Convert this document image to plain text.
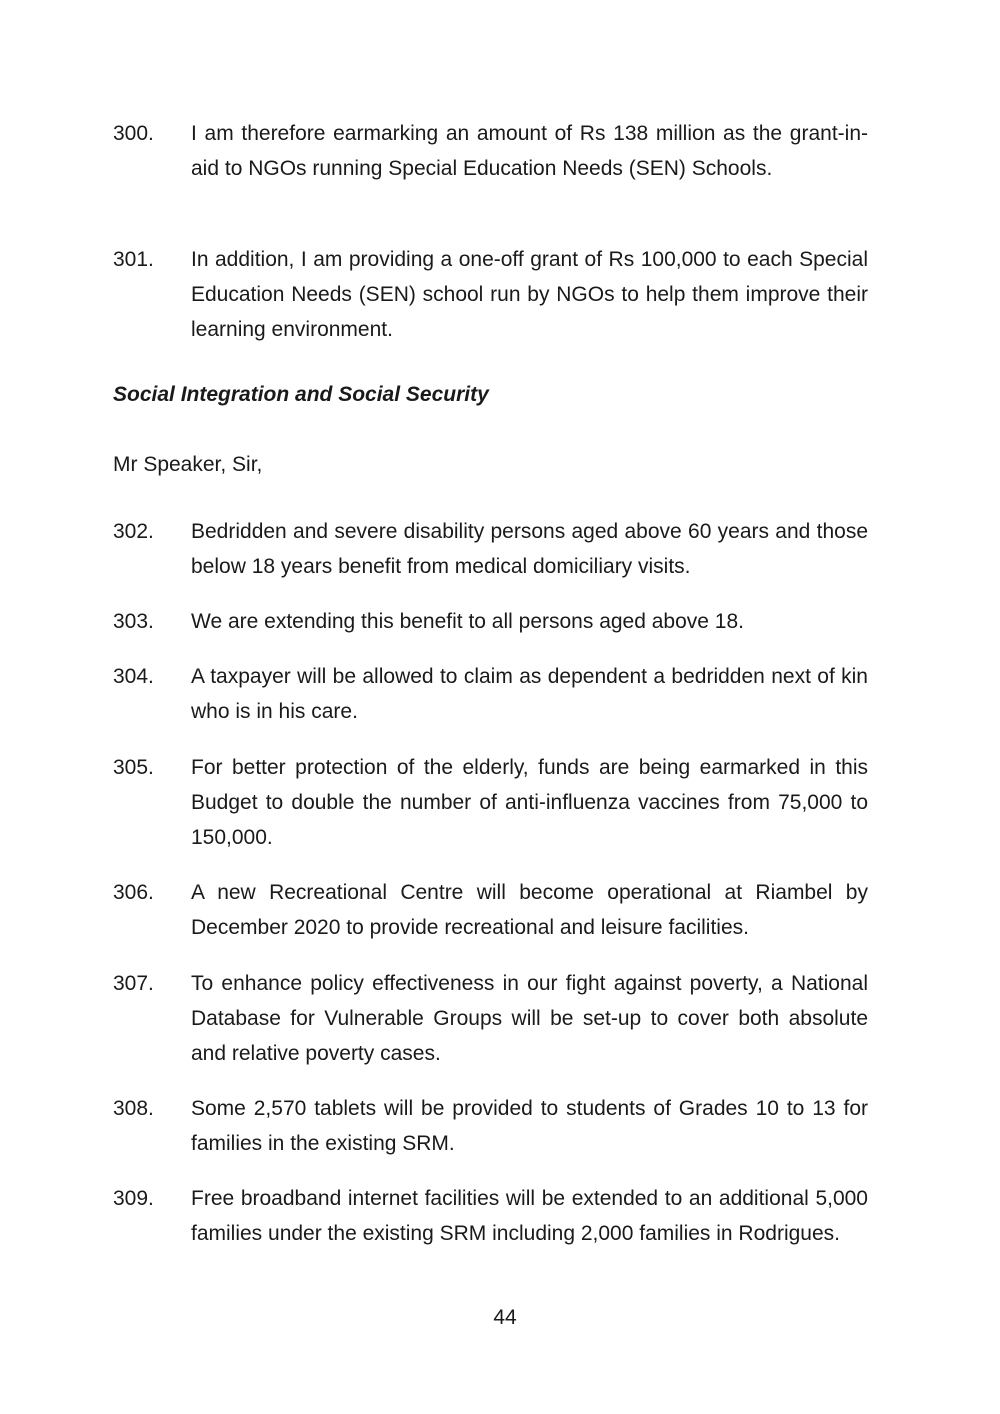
300.	I am therefore earmarking an amount of Rs 138 million as the grant-in-aid to NGOs running Special Education Needs (SEN) Schools.
301.	In addition, I am providing a one-off grant of Rs 100,000 to each Special Education Needs (SEN) school run by NGOs to help them improve their learning environment.
Social Integration and Social Security
Mr Speaker, Sir,
302.	Bedridden and severe disability persons aged above 60 years and those below 18 years benefit from medical domiciliary visits.
303.	We are extending this benefit to all persons aged above 18.
304.	A taxpayer will be allowed to claim as dependent a bedridden next of kin who is in his care.
305.	For better protection of the elderly, funds are being earmarked in this Budget to double the number of anti-influenza vaccines from 75,000 to 150,000.
306.	A new Recreational Centre will become operational at Riambel by December 2020 to provide recreational and leisure facilities.
307.	To enhance policy effectiveness in our fight against poverty, a National Database for Vulnerable Groups will be set-up to cover both absolute and relative poverty cases.
308.	Some 2,570 tablets will be provided to students of Grades 10 to 13 for families in the existing SRM.
309.	Free broadband internet facilities will be extended to an additional 5,000 families under the existing SRM including 2,000 families in Rodrigues.
44
